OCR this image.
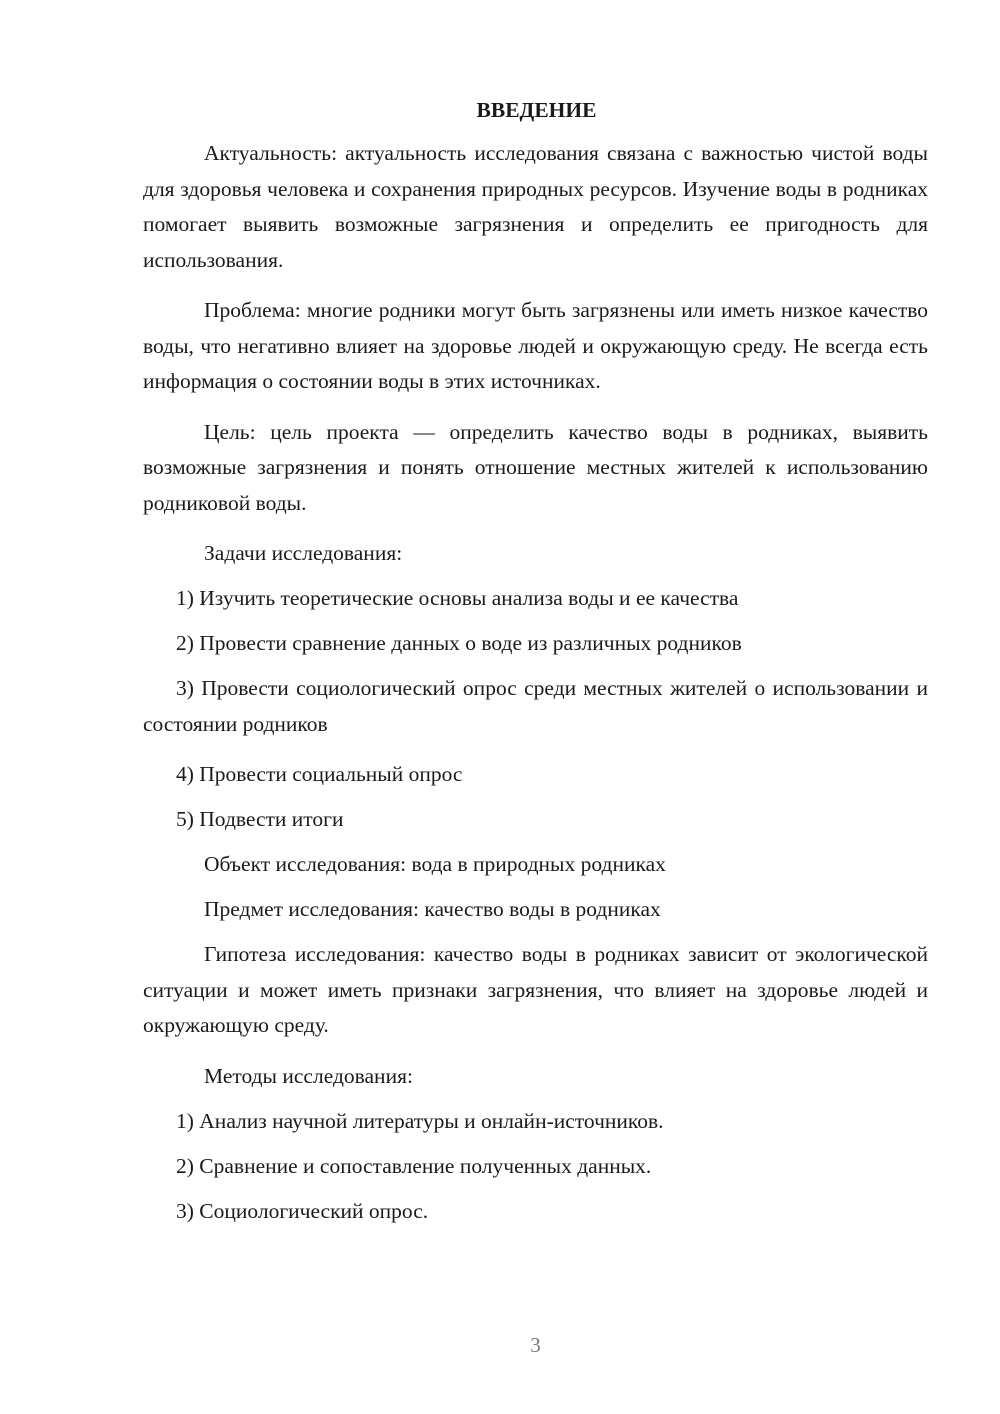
ВВЕДЕНИЕ

Актуальность: актуальность исследования связана с важностью чистой воды для здоровья человека и сохранения природных ресурсов. Изучение воды в родниках помогает выявить возможные загрязнения и определить ее пригодность для использования.

Проблема: многие родники могут быть загрязнены или иметь низкое качество воды, что негативно влияет на здоровье людей и окружающую среду. Не всегда есть информация о состоянии воды в этих источниках.

Цель: цель проекта — определить качество воды в родниках, выявить возможные загрязнения и понять отношение местных жителей к использованию родниковой воды.

Задачи исследования:

1) Изучить теоретические основы анализа воды и ее качества

2) Провести сравнение данных о воде из различных родников

3) Провести социологический опрос среди местных жителей о использовании и состоянии родников

4) Провести социальный опрос

5) Подвести итоги

Объект исследования: вода в природных родниках

Предмет исследования: качество воды в родниках

Гипотеза исследования: качество воды в родниках зависит от экологической ситуации и может иметь признаки загрязнения, что влияет на здоровье людей и окружающую среду.

Методы исследования:

1) Анализ научной литературы и онлайн-источников.

2) Сравнение и сопоставление полученных данных.

3) Социологический опрос.

3
